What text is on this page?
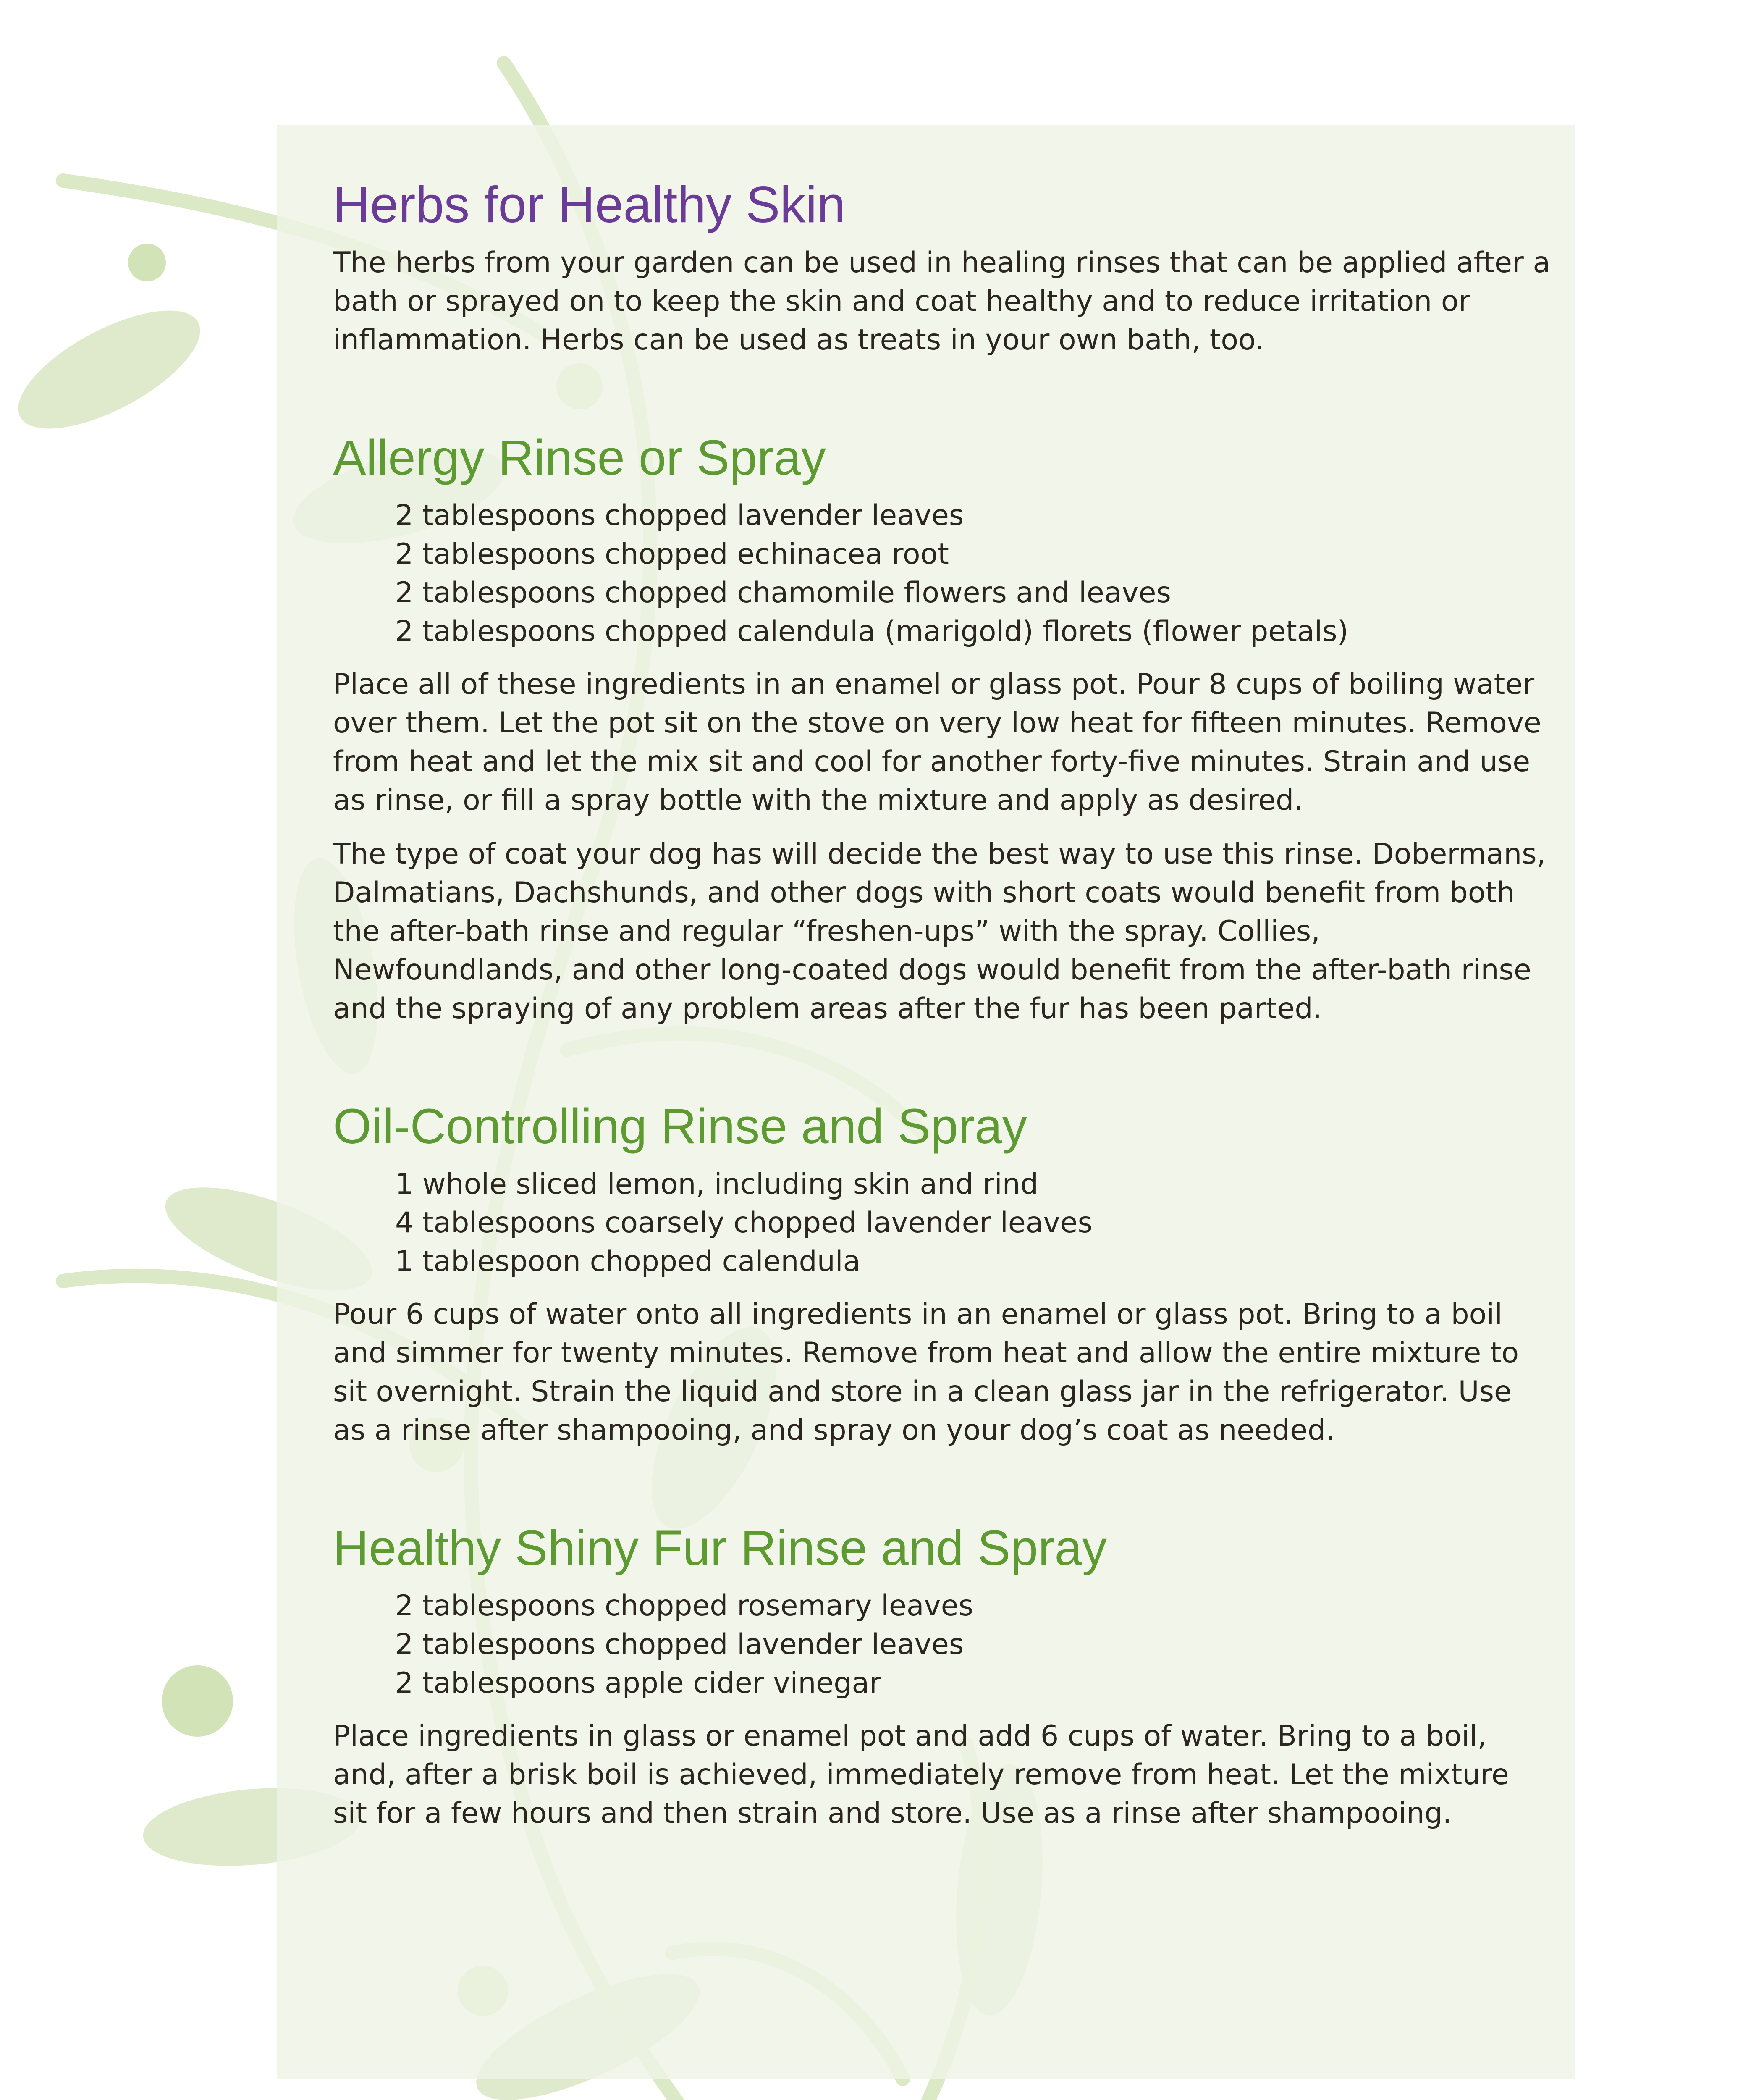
Herbs for Healthy Skin

The herbs from your garden can be used in healing rinses that can be applied after a bath or sprayed on to keep the skin and coat healthy and to reduce irritation or inflammation. Herbs can be used as treats in your own bath, too.

Allergy Rinse or Spray
2 tablespoons chopped lavender leaves
2 tablespoons chopped echinacea root
2 tablespoons chopped chamomile flowers and leaves
2 tablespoons chopped calendula (marigold) florets (flower petals)

Place all of these ingredients in an enamel or glass pot. Pour 8 cups of boiling water over them. Let the pot sit on the stove on very low heat for fifteen minutes. Remove from heat and let the mix sit and cool for another forty-five minutes. Strain and use as rinse, or fill a spray bottle with the mixture and apply as desired.

The type of coat your dog has will decide the best way to use this rinse. Dobermans, Dalmatians, Dachshunds, and other dogs with short coats would benefit from both the after-bath rinse and regular “freshen-ups” with the spray. Collies, Newfoundlands, and other long-coated dogs would benefit from the after-bath rinse and the spraying of any problem areas after the fur has been parted.

Oil-Controlling Rinse and Spray
1 whole sliced lemon, including skin and rind
4 tablespoons coarsely chopped lavender leaves
1 tablespoon chopped calendula

Pour 6 cups of water onto all ingredients in an enamel or glass pot. Bring to a boil and simmer for twenty minutes. Remove from heat and allow the entire mixture to sit overnight. Strain the liquid and store in a clean glass jar in the refrigerator. Use as a rinse after shampooing, and spray on your dog’s coat as needed.

Healthy Shiny Fur Rinse and Spray
2 tablespoons chopped rosemary leaves
2 tablespoons chopped lavender leaves
2 tablespoons apple cider vinegar

Place ingredients in glass or enamel pot and add 6 cups of water. Bring to a boil, and, after a brisk boil is achieved, immediately remove from heat. Let the mixture sit for a few hours and then strain and store. Use as a rinse after shampooing.
